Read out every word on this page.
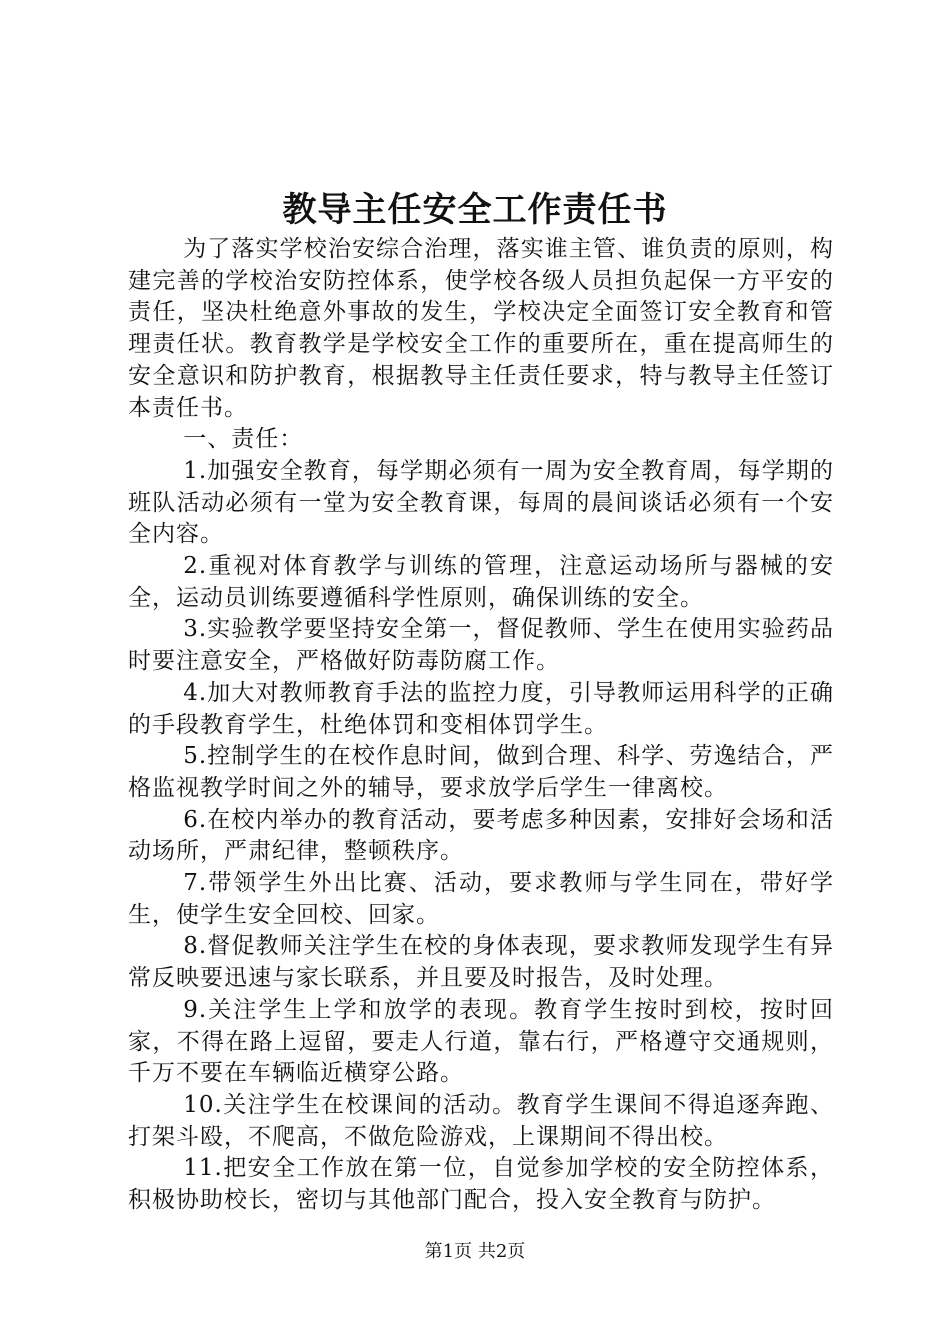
教导主任安全工作责任书

为了落实学校治安综合治理，落实谁主管、谁负责的原则，构建完善的学校治安防控体系，使学校各级人员担负起保一方平安的责任，坚决杜绝意外事故的发生，学校决定全面签订安全教育和管理责任状。教育教学是学校安全工作的重要所在，重在提高师生的安全意识和防护教育，根据教导主任责任要求，特与教导主任签订本责任书。

一、责任：

1.加强安全教育，每学期必须有一周为安全教育周，每学期的班队活动必须有一堂为安全教育课，每周的晨间谈话必须有一个安全内容。

2.重视对体育教学与训练的管理，注意运动场所与器械的安全，运动员训练要遵循科学性原则，确保训练的安全。

3.实验教学要坚持安全第一，督促教师、学生在使用实验药品时要注意安全，严格做好防毒防腐工作。

4.加大对教师教育手法的监控力度，引导教师运用科学的正确的手段教育学生，杜绝体罚和变相体罚学生。

5.控制学生的在校作息时间，做到合理、科学、劳逸结合，严格监视教学时间之外的辅导，要求放学后学生一律离校。

6.在校内举办的教育活动，要考虑多种因素，安排好会场和活动场所，严肃纪律，整顿秩序。

7.带领学生外出比赛、活动，要求教师与学生同在，带好学生，使学生安全回校、回家。

8.督促教师关注学生在校的身体表现，要求教师发现学生有异常反映要迅速与家长联系，并且要及时报告，及时处理。

9.关注学生上学和放学的表现。教育学生按时到校，按时回家，不得在路上逗留，要走人行道，靠右行，严格遵守交通规则，千万不要在车辆临近横穿公路。

10.关注学生在校课间的活动。教育学生课间不得追逐奔跑、打架斗殴，不爬高，不做危险游戏，上课期间不得出校。

11.把安全工作放在第一位，自觉参加学校的安全防控体系，积极协助校长，密切与其他部门配合，投入安全教育与防护。

第1页 共2页
